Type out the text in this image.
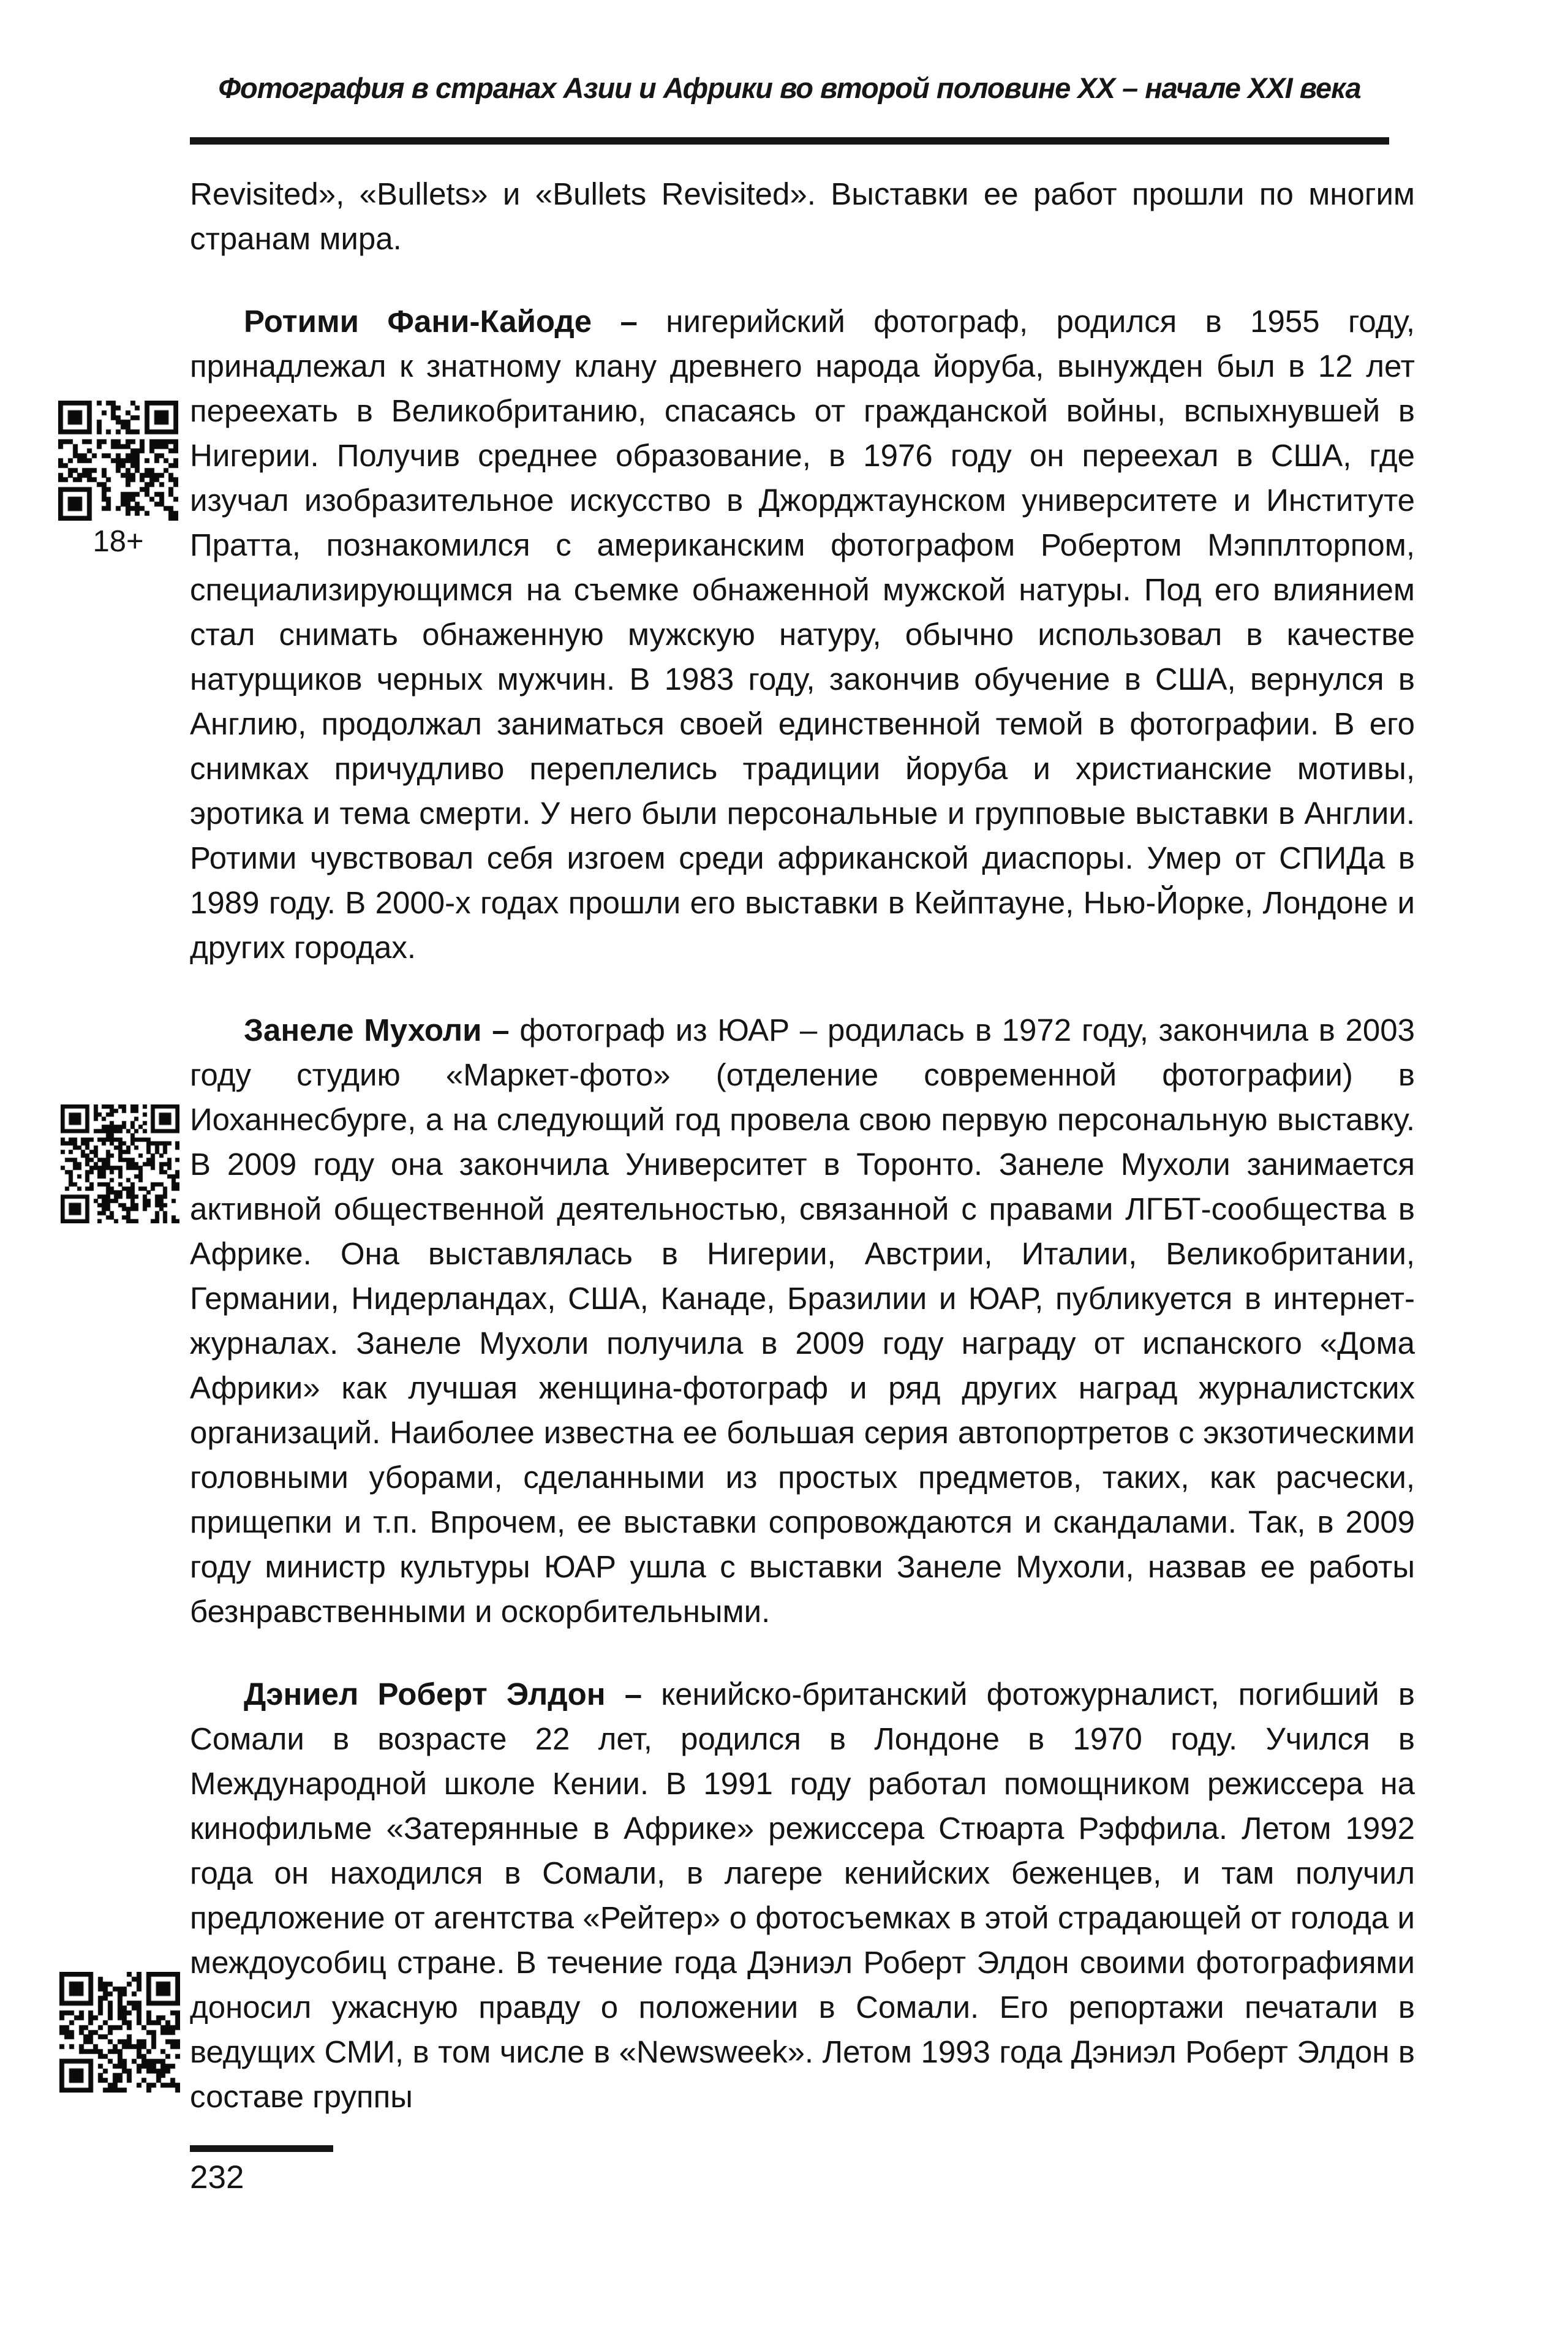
Фотография в странах Азии и Африки во второй половине XX – начале XXI века

Revisited», «Bullets» и «Bullets Revisited». Выставки ее работ прошли по многим странам мира.

Ротими Фани-Кайоде – нигерийский фотограф, родился в 1955 году, принадлежал к знатному клану древнего народа йоруба, вынужден был в 12 лет переехать в Великобританию, спасаясь от гражданской войны, вспыхнувшей в Нигерии. Получив среднее образование, в 1976 году он переехал в США, где изучал изобразительное искусство в Джорджтаунском университете и Институте Пратта, познакомился с американским фотографом Робертом Мэпплторпом, специализирующимся на съемке обнаженной мужской натуры. Под его влиянием стал снимать обнаженную мужскую натуру, обычно использовал в качестве натурщиков черных мужчин. В 1983 году, закончив обучение в США, вернулся в Англию, продолжал заниматься своей единственной темой в фотографии. В его снимках причудливо переплелись традиции йоруба и христианские мотивы, эротика и тема смерти. У него были персональные и групповые выставки в Англии. Ротими чувствовал себя изгоем среди африканской диаспоры. Умер от СПИДа в 1989 году. В 2000-х годах прошли его выставки в Кейптауне, Нью-Йорке, Лондоне и других городах.

Занеле Мухоли – фотограф из ЮАР – родилась в 1972 году, закончила в 2003 году студию «Маркет-фото» (отделение современной фотографии) в Иоханнесбурге, а на следующий год провела свою первую персональную выставку. В 2009 году она закончила Университет в Торонто. Занеле Мухоли занимается активной общественной деятельностью, связанной с правами ЛГБТ-сообщества в Африке. Она выставлялась в Нигерии, Австрии, Италии, Великобритании, Германии, Нидерландах, США, Канаде, Бразилии и ЮАР, публикуется в интернет-журналах. Занеле Мухоли получила в 2009 году награду от испанского «Дома Африки» как лучшая женщина-фотограф и ряд других наград журналистских организаций. Наиболее известна ее большая серия автопортретов с экзотическими головными уборами, сделанными из простых предметов, таких, как расчески, прищепки и т.п. Впрочем, ее выставки сопровождаются и скандалами. Так, в 2009 году министр культуры ЮАР ушла с выставки Занеле Мухоли, назвав ее работы безнравственными и оскорбительными.

Дэниел Роберт Элдон – кенийско-британский фотожурналист, погибший в Сомали в возрасте 22 лет, родился в Лондоне в 1970 году. Учился в Международной школе Кении. В 1991 году работал помощником режиссера на кинофильме «Затерянные в Африке» режиссера Стюарта Рэффила. Летом 1992 года он находился в Сомали, в лагере кенийских беженцев, и там получил предложение от агентства «Рейтер» о фотосъемках в этой страдающей от голода и междоусобиц стране. В течение года Дэниэл Роберт Элдон своими фотографиями доносил ужасную правду о положении в Сомали. Его репортажи печатали в ведущих СМИ, в том числе в «Newsweek». Летом 1993 года Дэниэл Роберт Элдон в составе группы

18+
232
